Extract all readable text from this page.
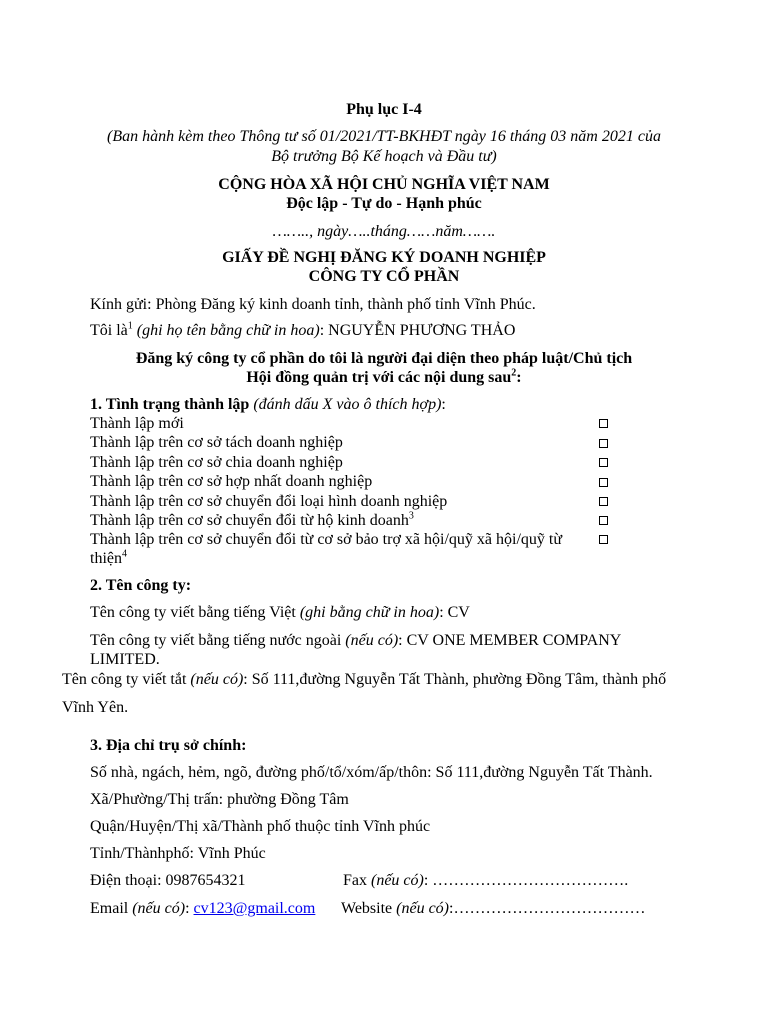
Phụ lục I-4
(Ban hành kèm theo Thông tư số 01/2021/TT-BKHĐT ngày 16 tháng 03 năm 2021 của
Bộ trưởng Bộ Kế hoạch và Đầu tư)
CỘNG HÒA XÃ HỘI CHỦ NGHĨA VIỆT NAM
Độc lập - Tự do - Hạnh phúc
…….., ngày…..tháng……năm…….
GIẤY ĐỀ NGHỊ ĐĂNG KÝ DOANH NGHIỆP
CÔNG TY CỔ PHẦN
Kính gửi: Phòng Đăng ký kinh doanh tỉnh, thành phố tỉnh Vĩnh Phúc.
Tôi $là^1$ (ghi họ tên bằng chữ in hoa): NGUYỄN PHƯƠNG THẢO
Đăng ký công ty cổ phần do tôi là người đại diện theo pháp luật/Chủ tịch
Hội đồng quản trị với các nội dung sau$^2$:
1. Tình trạng thành lập (đánh dấu X vào ô thích hợp):
Thành lập mới
Thành lập trên cơ sở tách doanh nghiệp
Thành lập trên cơ sở chia doanh nghiệp
Thành lập trên cơ sở hợp nhất doanh nghiệp
Thành lập trên cơ sở chuyển đổi loại hình doanh nghiệp
Thành lập trên cơ sở chuyển đổi từ hộ kinh doanh$^3$
Thành lập trên cơ sở chuyển đổi từ cơ sở bảo trợ xã hội/quỹ xã hội/quỹ từ
thiện$^4$
2. Tên công ty:
Tên công ty viết bằng tiếng Việt (ghi bằng chữ in hoa): CV
Tên công ty viết bằng tiếng nước ngoài (nếu có): CV ONE MEMBER COMPANY
LIMITED.
Tên công ty viết tắt (nếu có): Số 111,đường Nguyễn Tất Thành, phường Đồng Tâm, thành phố
Vĩnh Yên.
3. Địa chỉ trụ sở chính:
Số nhà, ngách, hẻm, ngõ, đường phố/tổ/xóm/ấp/thôn: Số 111,đường Nguyễn Tất Thành.
Xã/Phường/Thị trấn: phường Đồng Tâm
Quận/Huyện/Thị xã/Thành phố thuộc tỉnh Vĩnh phúc
Tỉnh/Thànhphố: Vĩnh Phúc
Điện thoại: 0987654321	Fax (nếu có): ……………………………….
Email (nếu có): cv123@gmail.com Website (nếu có):………………………………
